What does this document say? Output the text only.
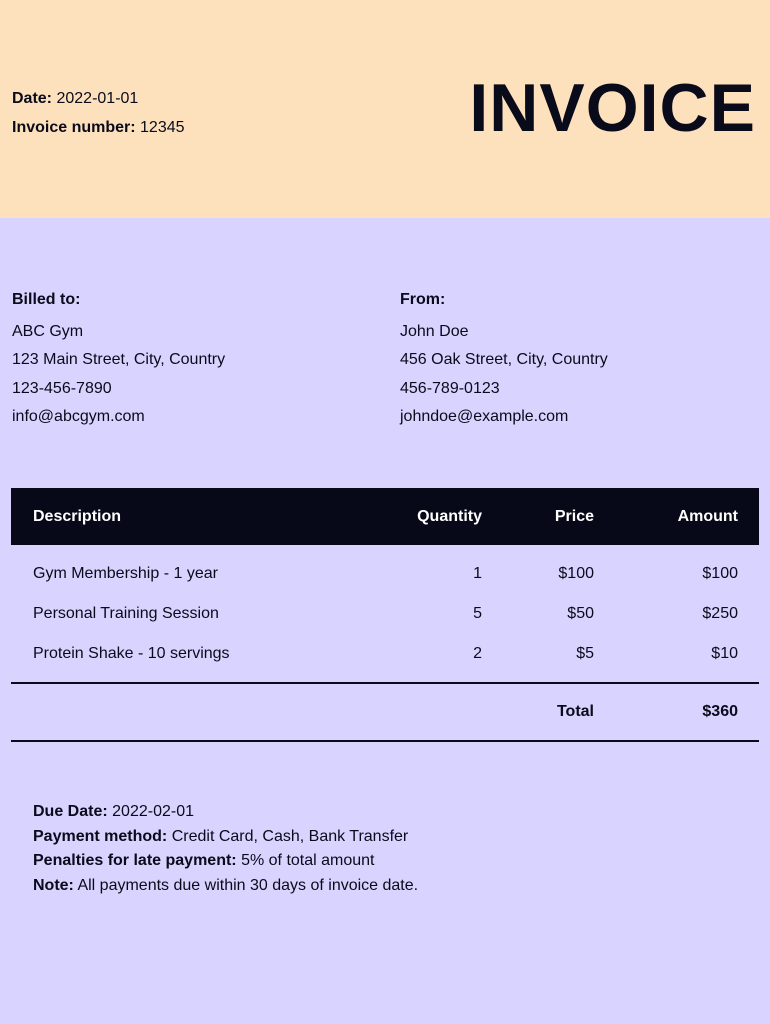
Date: 2022-01-01
Invoice number: 12345	INVOICE
Billed to:
ABC Gym
123 Main Street, City, Country
123-456-7890
info@abcgym.com
From:
John Doe
456 Oak Street, City, Country
456-789-0123
johndoe@example.com
Description	Quantity	Price	Amount
Gym Membership - 1 year	1	$100	$100
Personal Training Session	5	$50	$250
Protein Shake - 10 servings	2	$5	$10
Total	$360
Due Date: 2022-02-01
Payment method: Credit Card, Cash, Bank Transfer
Penalties for late payment: 5% of total amount
Note: All payments due within 30 days of invoice date.
